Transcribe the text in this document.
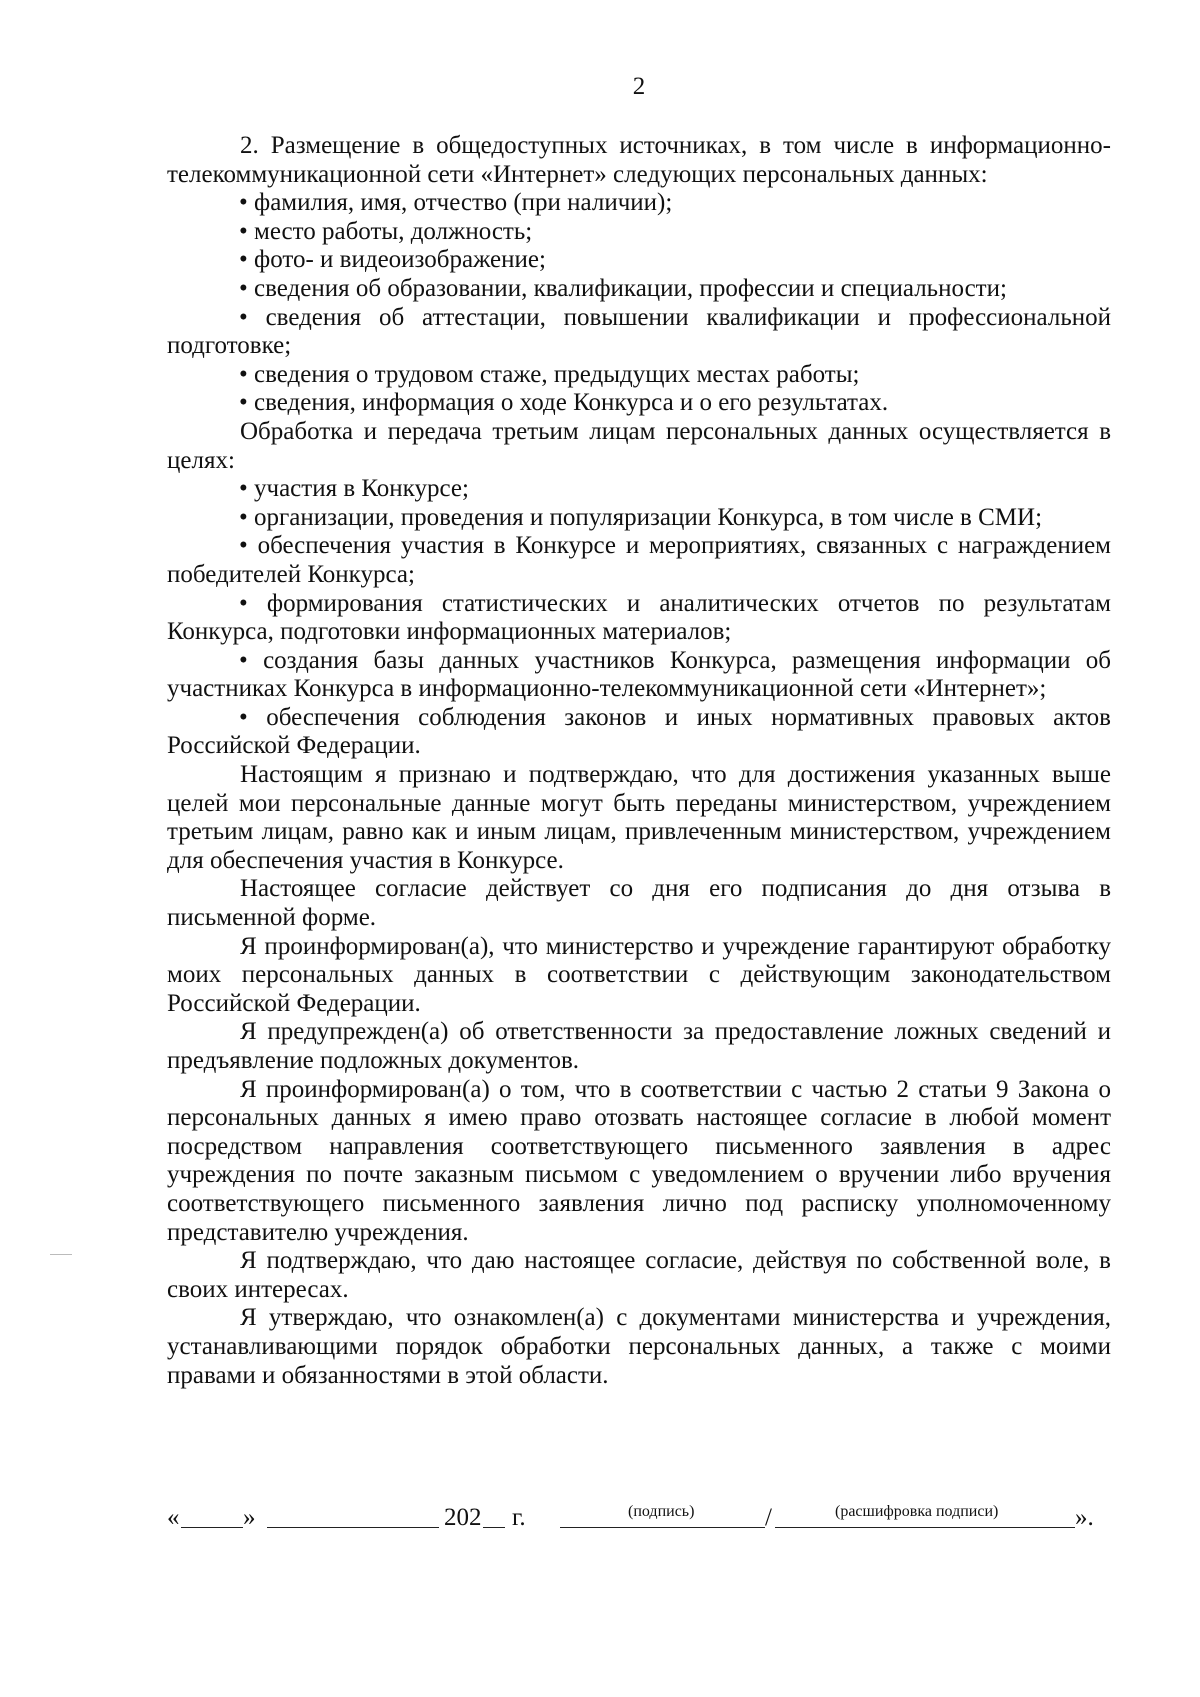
2

2. Размещение в общедоступных источниках, в том числе в информационно-телекоммуникационной сети «Интернет» следующих персональных данных:

• фамилия, имя, отчество (при наличии);

• место работы, должность;

• фото- и видеоизображение;

• сведения об образовании, квалификации, профессии и специальности;

• сведения об аттестации, повышении квалификации и профессиональной подготовке;

• сведения о трудовом стаже, предыдущих местах работы;

• сведения, информация о ходе Конкурса и о его результатах.

Обработка и передача третьим лицам персональных данных осуществляется в целях:

• участия в Конкурсе;

• организации, проведения и популяризации Конкурса, в том числе в СМИ;

• обеспечения участия в Конкурсе и мероприятиях, связанных с награждением победителей Конкурса;

• формирования статистических и аналитических отчетов по результатам Конкурса, подготовки информационных материалов;

• создания базы данных участников Конкурса, размещения информации об участниках Конкурса в информационно-телекоммуникационной сети «Интернет»;

• обеспечения соблюдения законов и иных нормативных правовых актов Российской Федерации.

Настоящим я признаю и подтверждаю, что для достижения указанных выше целей мои персональные данные могут быть переданы министерством, учреждением третьим лицам, равно как и иным лицам, привлеченным министерством, учреждением для обеспечения участия в Конкурсе.

Настоящее согласие действует со дня его подписания до дня отзыва в письменной форме.

Я проинформирован(а), что министерство и учреждение гарантируют обработку моих персональных данных в соответствии с действующим законодательством Российской Федерации.

Я предупрежден(а) об ответственности за предоставление ложных сведений и предъявление подложных документов.

Я проинформирован(а) о том, что в соответствии с частью 2 статьи 9 Закона о персональных данных я имею право отозвать настоящее согласие в любой момент посредством направления соответствующего письменного заявления в адрес учреждения по почте заказным письмом с уведомлением о вручении либо вручения соответствующего письменного заявления лично под расписку уполномоченному представителю учреждения.

Я подтверждаю, что даю настоящее согласие, действуя по собственной воле, в своих интересах.

Я утверждаю, что ознакомлен(а) с документами министерства и учреждения, устанавливающими порядок обработки персональных данных, а также с моими правами и обязанностями в этой области.

«	»	202 г.	/	».
(подпись)	(расшифровка подписи)
